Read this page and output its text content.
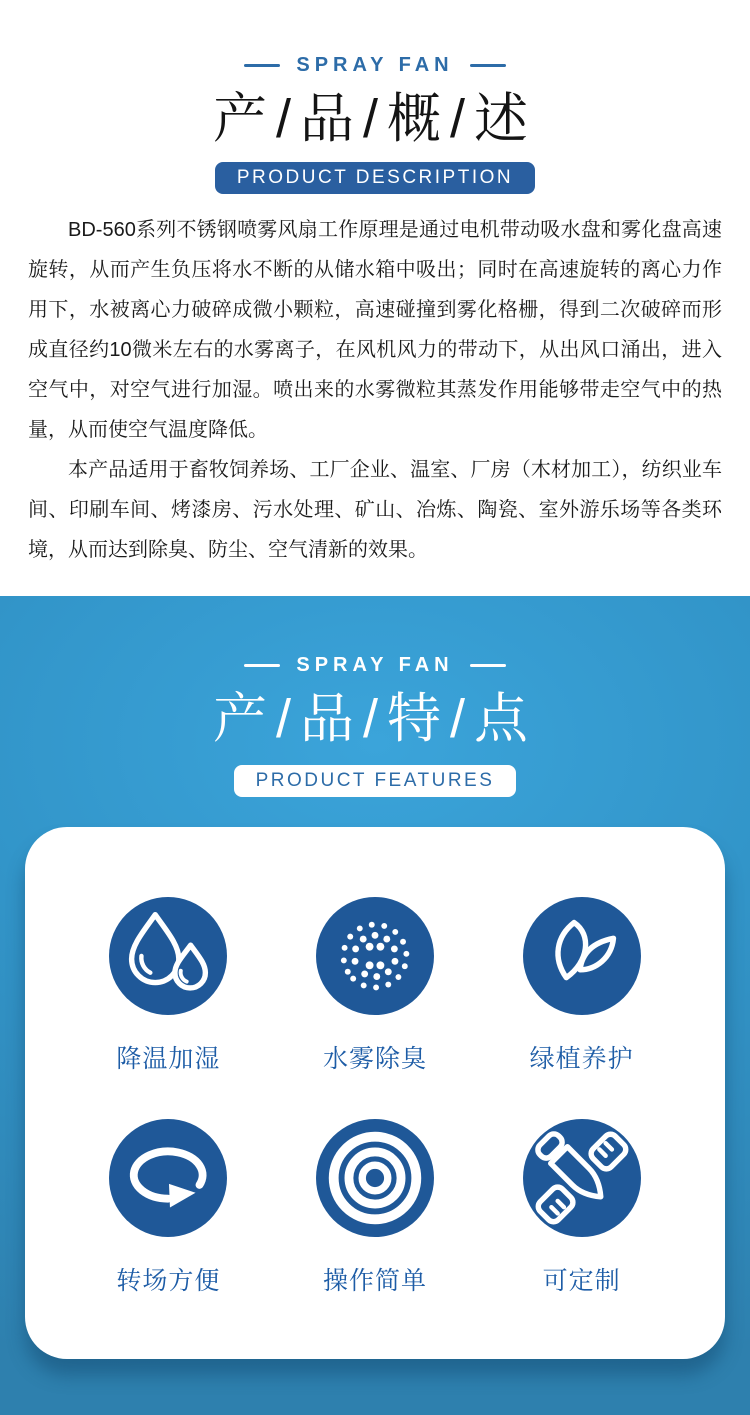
SPRAY FAN
产/品/概/述
PRODUCT DESCRIPTION

BD-560系列不锈钢喷雾风扇工作原理是通过电机带动吸水盘和雾化盘高速旋转，从而产生负压将水不断的从储水箱中吸出；同时在高速旋转的离心力作用下，水被离心力破碎成微小颗粒，高速碰撞到雾化格栅，得到二次破碎而形成直径约10微米左右的水雾离子，在风机风力的带动下，从出风口涌出，进入空气中，对空气进行加湿。喷出来的水雾微粒其蒸发作用能够带走空气中的热量，从而使空气温度降低。

本产品适用于畜牧饲养场、工厂企业、温室、厂房（木材加工），纺织业车间、印刷车间、烤漆房、污水处理、矿山、冶炼、陶瓷、室外游乐场等各类环境，从而达到除臭、防尘、空气清新的效果。

SPRAY FAN
产/品/特/点
PRODUCT FEATURES
降温加湿	水雾除臭	绿植养护
转场方便	操作简单	可定制
